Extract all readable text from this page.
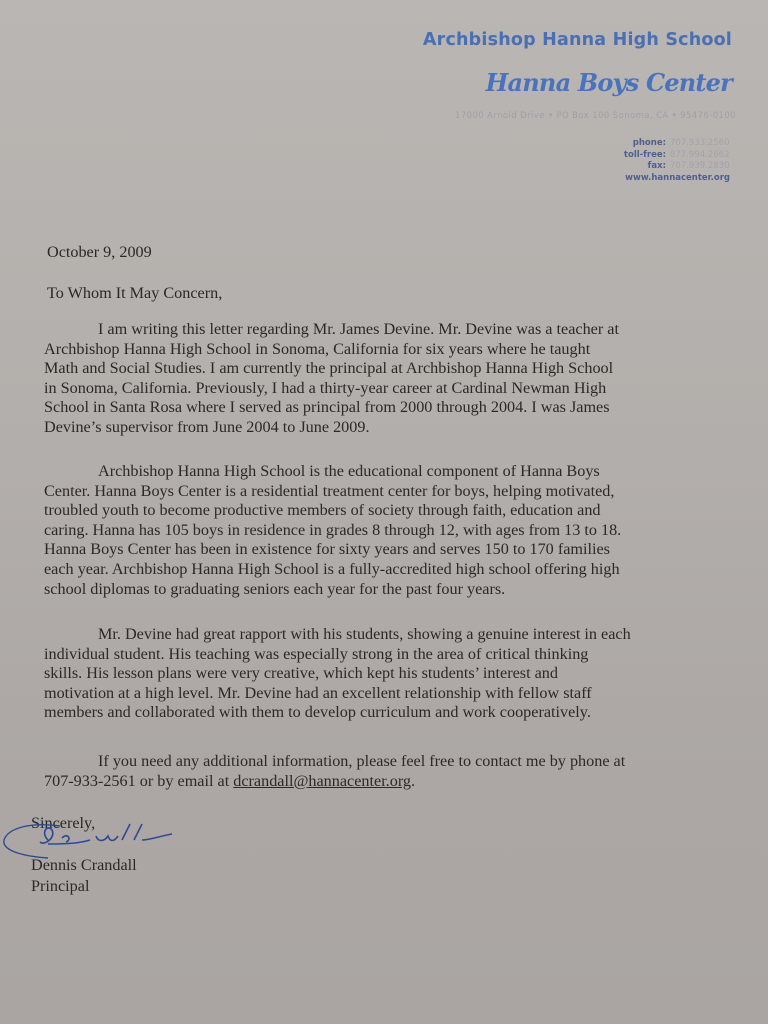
Archbishop Hanna High School
Hanna Boys Center
17000 Arnold Drive • PO Box 100 Sonoma, CA • 95476-0100
phone: 707.933.2560
toll-free: 877.994.2662
fax: 707.939.2830
www.hannacenter.org
October 9, 2009
To Whom It May Concern,
I am writing this letter regarding Mr. James Devine. Mr. Devine was a teacher at
Archbishop Hanna High School in Sonoma, California for six years where he taught
Math and Social Studies. I am currently the principal at Archbishop Hanna High School
in Sonoma, California. Previously, I had a thirty-year career at Cardinal Newman High
School in Santa Rosa where I served as principal from 2000 through 2004. I was James
Devine’s supervisor from June 2004 to June 2009.
Archbishop Hanna High School is the educational component of Hanna Boys
Center. Hanna Boys Center is a residential treatment center for boys, helping motivated,
troubled youth to become productive members of society through faith, education and
caring. Hanna has 105 boys in residence in grades 8 through 12, with ages from 13 to 18.
Hanna Boys Center has been in existence for sixty years and serves 150 to 170 families
each year. Archbishop Hanna High School is a fully-accredited high school offering high
school diplomas to graduating seniors each year for the past four years.
Mr. Devine had great rapport with his students, showing a genuine interest in each
individual student. His teaching was especially strong in the area of critical thinking
skills. His lesson plans were very creative, which kept his students’ interest and
motivation at a high level. Mr. Devine had an excellent relationship with fellow staff
members and collaborated with them to develop curriculum and work cooperatively.
If you need any additional information, please feel free to contact me by phone at
707-933-2561 or by email at dcrandall@hannacenter.org.
Sincerely,
Dennis Crandall
Principal
